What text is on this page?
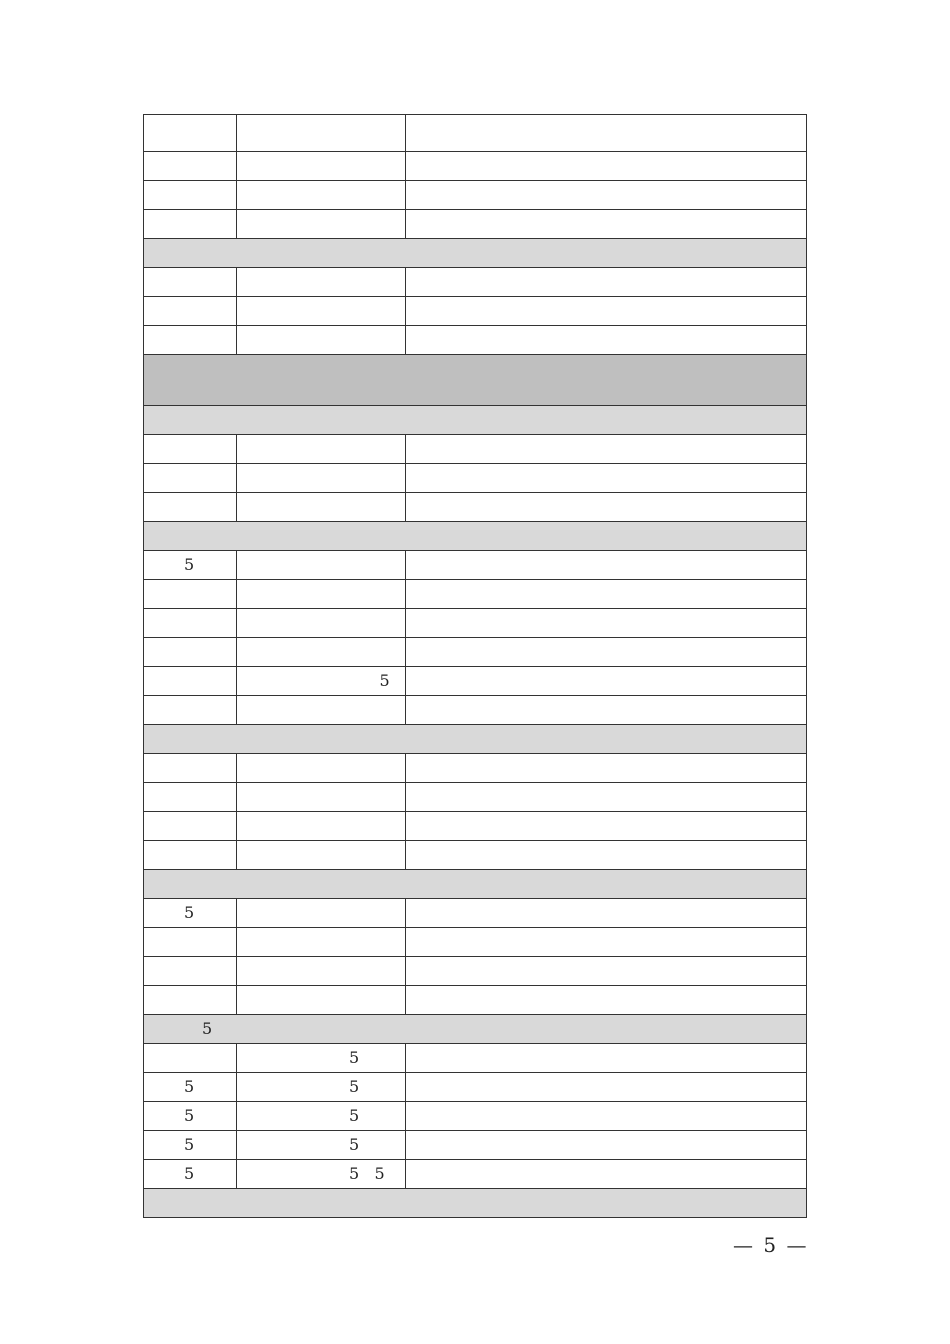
5		

	5	

5		

5		

	5	

5	5	

5	5	

5	5	

5	5   5	

— 5 —
